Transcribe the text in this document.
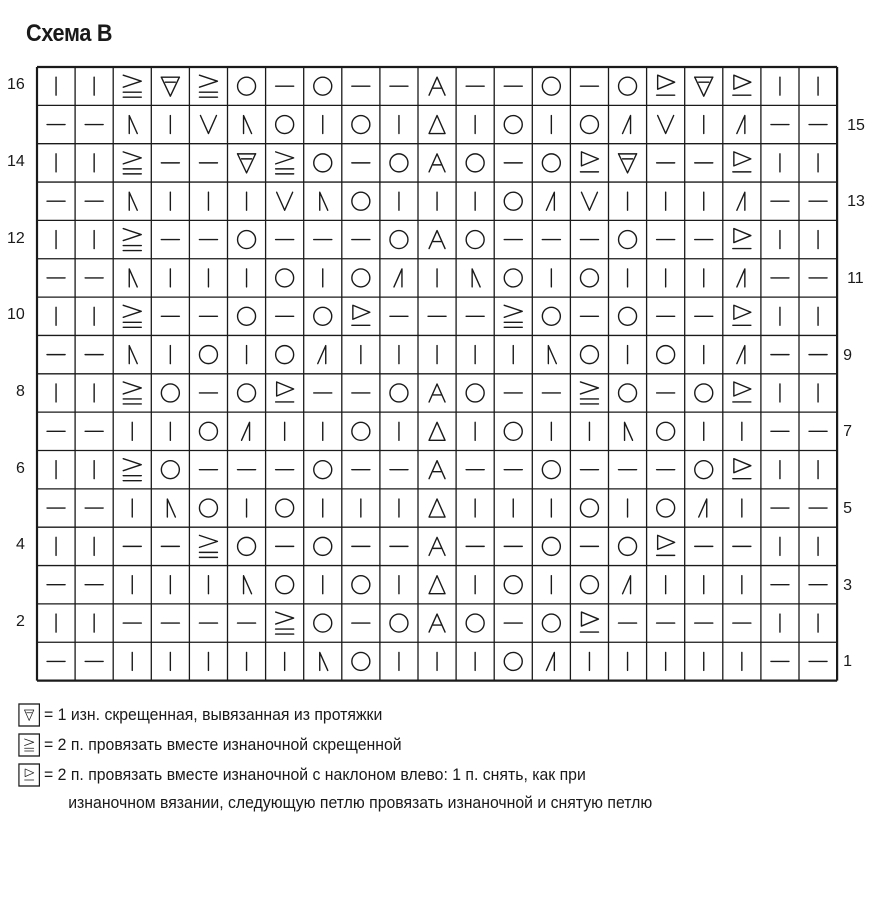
Схема В
16
14
12
10
8
6
4
2
15
13
11
9
7
5
3
1
= 1 изн. скрещенная, вывязанная из протяжки
= 2 п. провязать вместе изнаночной скрещенной
= 2 п. провязать вместе изнаночной с наклоном влево: 1 п. снять, как при
изнаночном вязании, следующую петлю провязать изнаночной и снятую петлю
